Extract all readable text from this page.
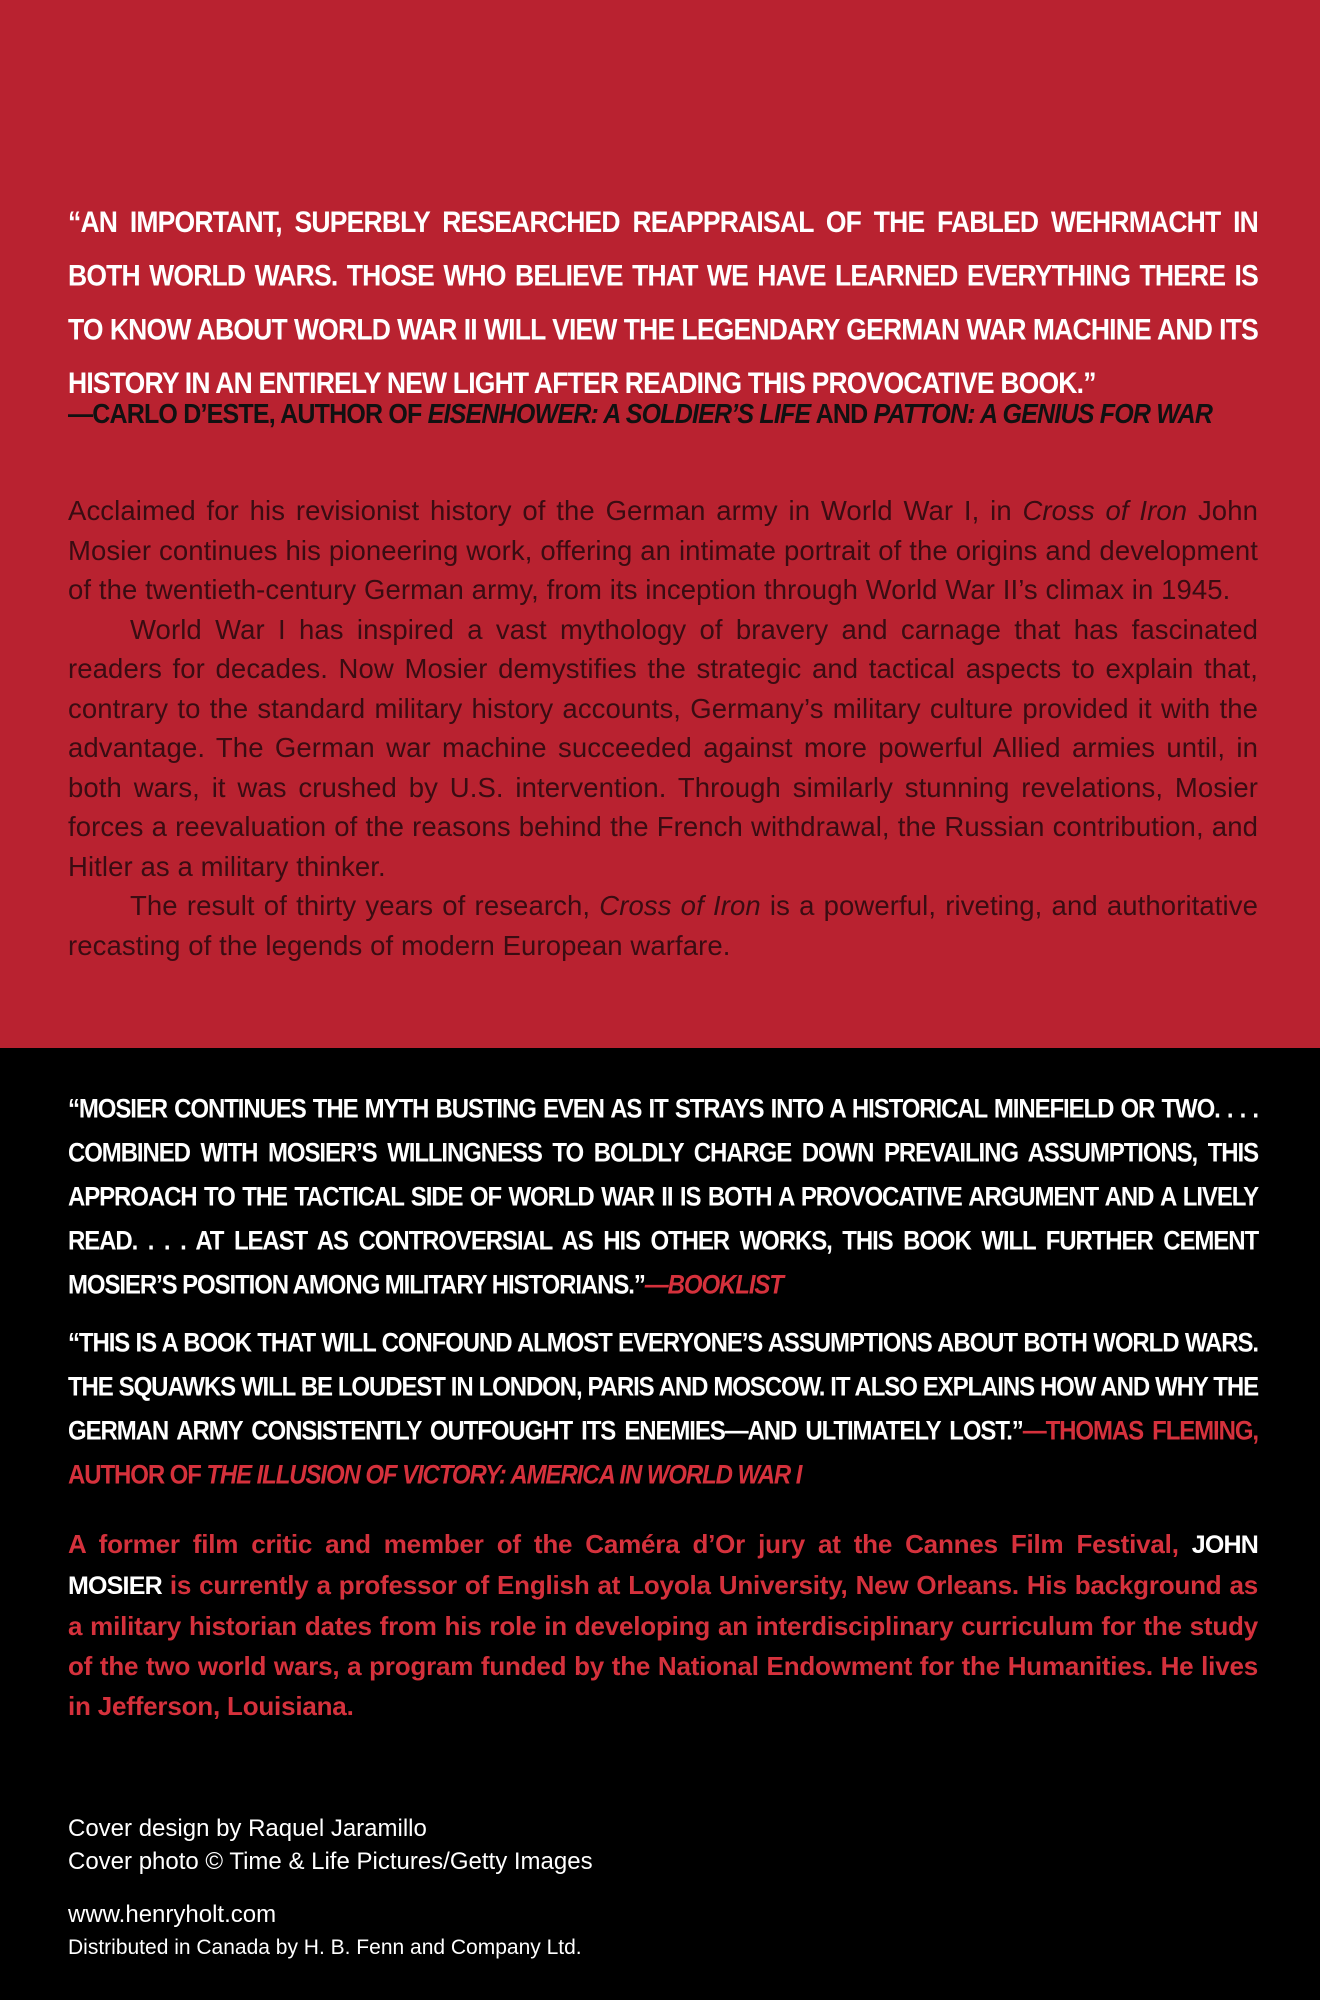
“AN IMPORTANT, SUPERBLY RESEARCHED REAPPRAISAL OF THE FABLED WEHRMACHT IN BOTH WORLD WARS. THOSE WHO BELIEVE THAT WE HAVE LEARNED EVERYTHING THERE IS TO KNOW ABOUT WORLD WAR II WILL VIEW THE LEGENDARY GERMAN WAR MACHINE AND ITS HISTORY IN AN ENTIRELY NEW LIGHT AFTER READING THIS PROVOCATIVE BOOK.”

—CARLO D’ESTE, AUTHOR OF EISENHOWER: A SOLDIER’S LIFE AND PATTON: A GENIUS FOR WAR

Acclaimed for his revisionist history of the German army in World War I, in Cross of Iron John Mosier continues his pioneering work, offering an intimate portrait of the origins and development of the twentieth-century German army, from its inception through World War II’s climax in 1945.

World War I has inspired a vast mythology of bravery and carnage that has fascinated readers for decades. Now Mosier demystifies the strategic and tactical aspects to explain that, contrary to the standard military history accounts, Germany’s military culture provided it with the advantage. The German war machine succeeded against more powerful Allied armies until, in both wars, it was crushed by U.S. intervention. Through similarly stunning revelations, Mosier forces a reevaluation of the reasons behind the French withdrawal, the Russian contribution, and Hitler as a military thinker.

The result of thirty years of research, Cross of Iron is a powerful, riveting, and authoritative recasting of the legends of modern European warfare.

“MOSIER CONTINUES THE MYTH BUSTING EVEN AS IT STRAYS INTO A HISTORICAL MINEFIELD OR TWO. . . . COMBINED WITH MOSIER’S WILLINGNESS TO BOLDLY CHARGE DOWN PREVAILING ASSUMPTIONS, THIS APPROACH TO THE TACTICAL SIDE OF WORLD WAR II IS BOTH A PROVOCATIVE ARGUMENT AND A LIVELY READ. . . . AT LEAST AS CONTROVERSIAL AS HIS OTHER WORKS, THIS BOOK WILL FURTHER CEMENT MOSIER’S POSITION AMONG MILITARY HISTORIANS.”—BOOKLIST

“THIS IS A BOOK THAT WILL CONFOUND ALMOST EVERYONE’S ASSUMPTIONS ABOUT BOTH WORLD WARS. THE SQUAWKS WILL BE LOUDEST IN LONDON, PARIS AND MOSCOW. IT ALSO EXPLAINS HOW AND WHY THE GERMAN ARMY CONSISTENTLY OUTFOUGHT ITS ENEMIES—AND ULTIMATELY LOST.”—THOMAS FLEMING, AUTHOR OF THE ILLUSION OF VICTORY: AMERICA IN WORLD WAR I

A former film critic and member of the Caméra d’Or jury at the Cannes Film Festival, JOHN MOSIER is currently a professor of English at Loyola University, New Orleans. His background as a military historian dates from his role in developing an interdisciplinary curriculum for the study of the two world wars, a program funded by the National Endowment for the Humanities. He lives in Jefferson, Louisiana.

Cover design by Raquel Jaramillo

Cover photo © Time & Life Pictures/Getty Images

www.henryholt.com

Distributed in Canada by H. B. Fenn and Company Ltd.
